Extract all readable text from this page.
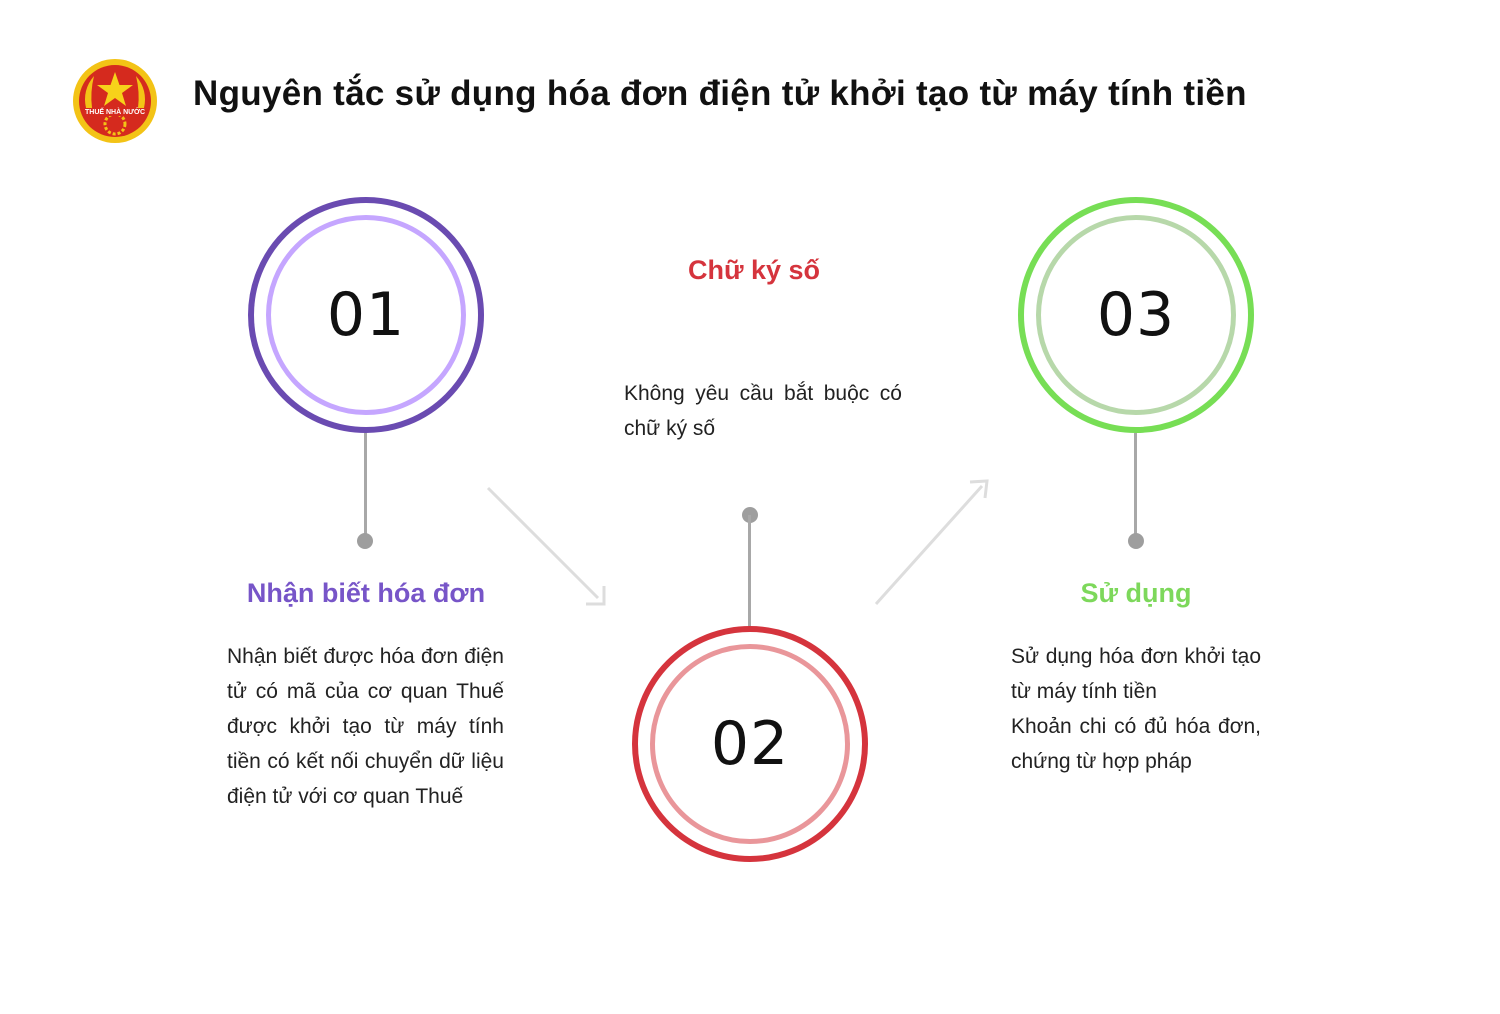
THUẾ NHÀ NƯỚC Nguyên tắc sử dụng hóa đơn điện tử khởi tạo từ máy tính tiền
01
Nhận biết hóa đơn
Nhận biết được hóa đơn điện tử có mã của cơ quan Thuế được khởi tạo từ máy tính tiền có kết nối chuyển dữ liệu điện tử với cơ quan Thuế
Chữ ký số
Không yêu cầu bắt buộc có chữ ký số
02
03
Sử dụng
Sử dụng hóa đơn khởi tạo từ máy tính tiền
Khoản chi có đủ hóa đơn, chứng từ hợp pháp
